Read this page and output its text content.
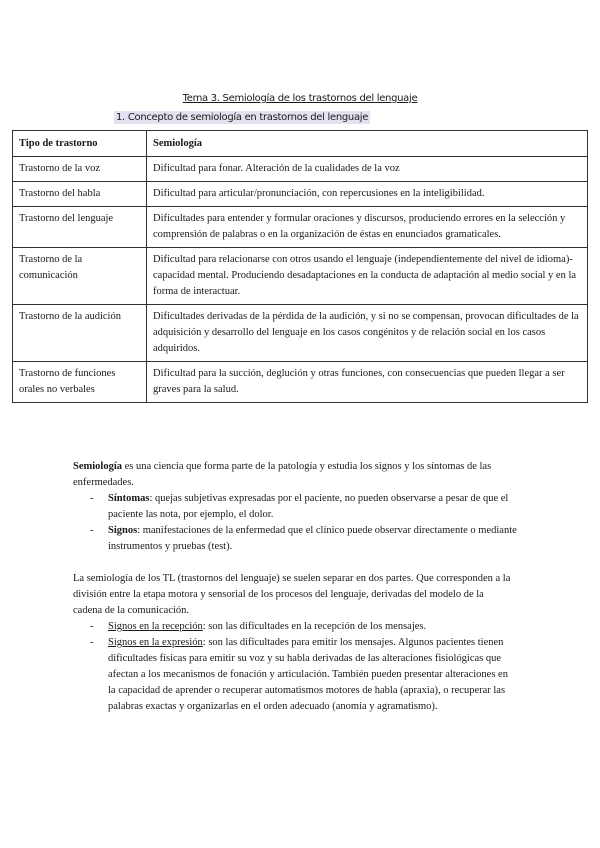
Tema 3. Semiología de los trastornos del lenguaje
1. Concepto de semiología en trastornos del lenguaje
Tipo de trastorno	Semiología
Trastorno de la voz	Dificultad para fonar. Alteración de la cualidades de la voz
Trastorno del habla	Dificultad para articular/pronunciación, con repercusiones en la inteligibilidad.
Trastorno del lenguaje	Dificultades para entender y formular oraciones y discursos, produciendo errores en la selección y comprensión de palabras o en la organización de éstas en enunciados gramaticales.
Trastorno de la comunicación	Dificultad para relacionarse con otros usando el lenguaje (independientemente del nivel de idioma)- capacidad mental. Produciendo desadaptaciones en la conducta de adaptación al medio social y en la forma de interactuar.
Trastorno de la audición	Dificultades derivadas de la pérdida de la audición, y si no se compensan, provocan dificultades de la adquisición y desarrollo del lenguaje en los casos congénitos y de relación social en los casos adquiridos.
Trastorno de funciones orales no verbales	Dificultad para la succión, deglución y otras funciones, con consecuencias que pueden llegar a ser graves para la salud.

Semiología es una ciencia que forma parte de la patología y estudia los signos y los síntomas de las enfermedades.

- Síntomas: quejas subjetivas expresadas por el paciente, no pueden observarse a pesar de que el paciente las nota, por ejemplo, el dolor.
- Signos: manifestaciones de la enfermedad que el clínico puede observar directamente o mediante instrumentos y pruebas (test).

La semiología de los TL (trastornos del lenguaje) se suelen separar en dos partes. Que corresponden a la división entre la etapa motora y sensorial de los procesos del lenguaje, derivadas del modelo de la cadena de la comunicación.

- Signos en la recepción: son las dificultades en la recepción de los mensajes.
- Signos en la expresión: son las dificultades para emitir los mensajes. Algunos pacientes tienen dificultades físicas para emitir su voz y su habla derivadas de las alteraciones fisiológicas que afectan a los mecanismos de fonación y articulación. También pueden presentar alteraciones en la capacidad de aprender o recuperar automatismos motores de habla (apraxia), o recuperar las palabras exactas y organizarlas en el orden adecuado (anomia y agramatismo).
